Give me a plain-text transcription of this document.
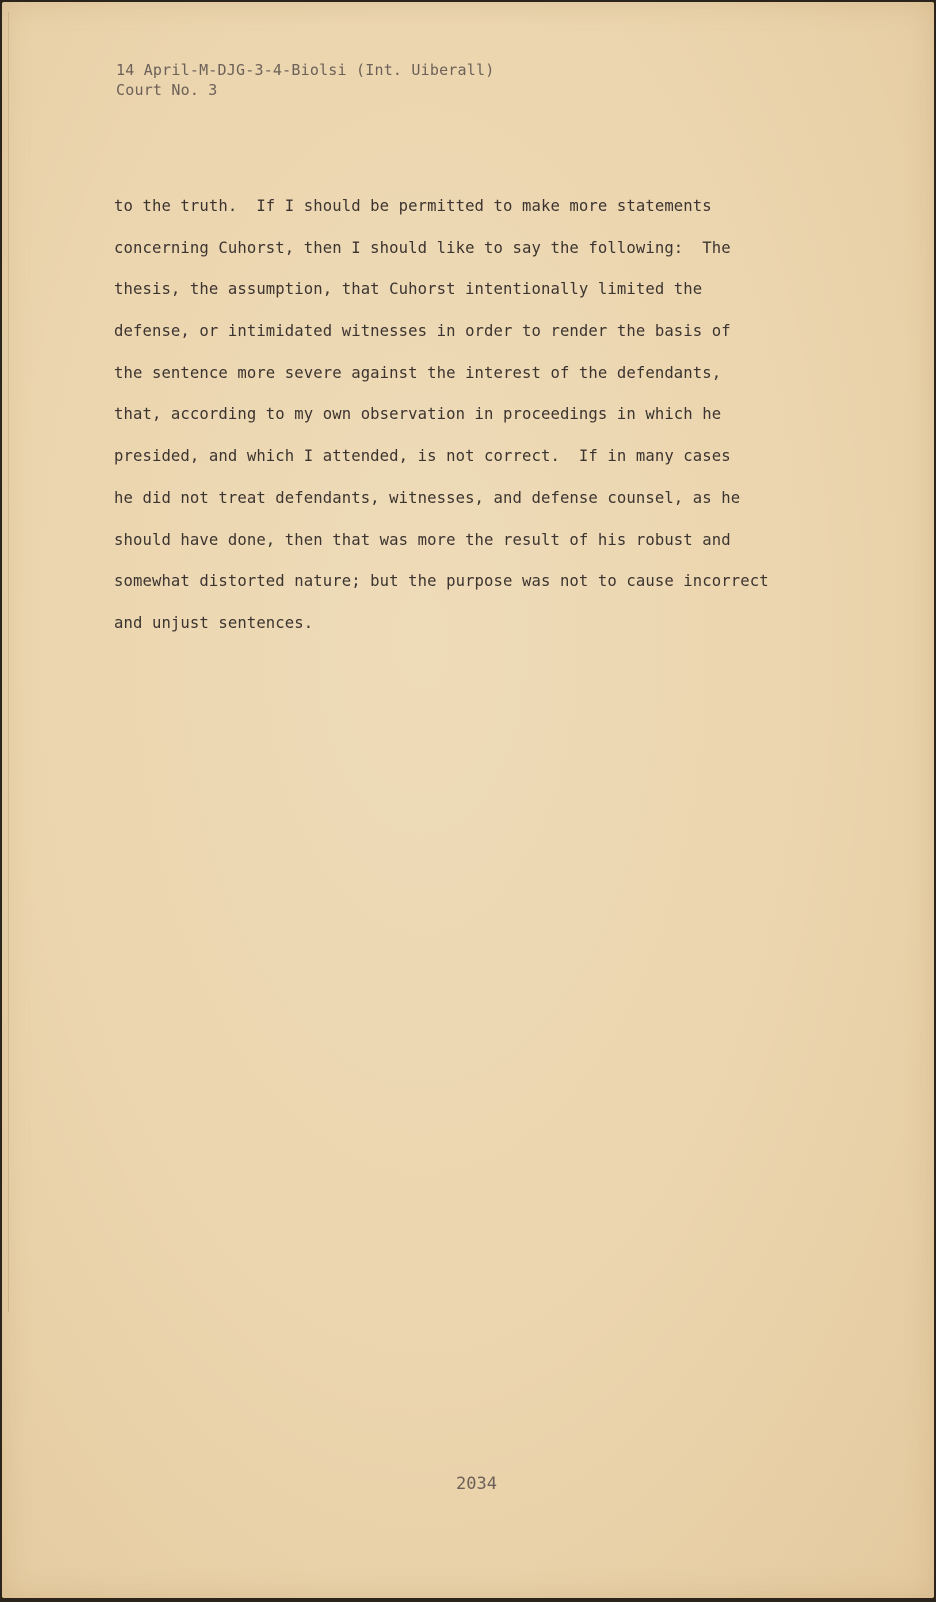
14 April-M-DJG-3-4-Biolsi (Int. Uiberall)
Court No. 3
to the truth.  If I should be permitted to make more statements
concerning Cuhorst, then I should like to say the following:  The
thesis, the assumption, that Cuhorst intentionally limited the
defense, or intimidated witnesses in order to render the basis of
the sentence more severe against the interest of the defendants,
that, according to my own observation in proceedings in which he
presided, and which I attended, is not correct.  If in many cases
he did not treat defendants, witnesses, and defense counsel, as he
should have done, then that was more the result of his robust and
somewhat distorted nature; but the purpose was not to cause incorrect
and unjust sentences.
2034
